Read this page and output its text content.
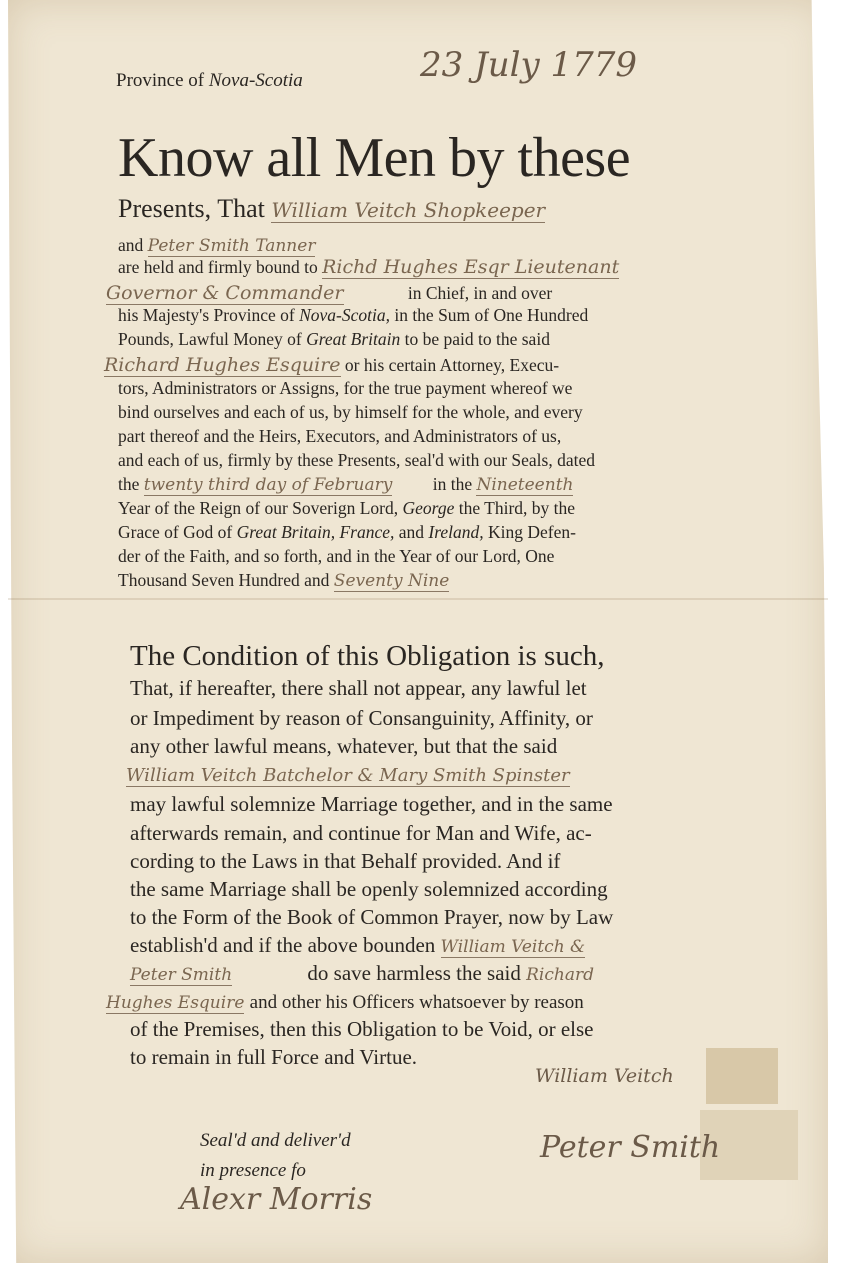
Province of Nova-Scotia	23 July 1779
Know all Men by these
Presents, That William Veitch Shopkeeper
and Peter Smith Tanner
are held and firmly bound to Richd Hughes Esqr Lieutenant
Governor & Commander	in Chief, in and over
his Majesty's Province of Nova-Scotia, in the Sum of One Hundred
Pounds, Lawful Money of Great Britain to be paid to the said
Richard Hughes Esquire or his certain Attorney, Execu-
tors, Administrators or Assigns, for the true payment whereof we
bind ourselves and each of us, by himself for the whole, and every
part thereof and the Heirs, Executors, and Administrators of us,
and each of us, firmly by these Presents, seal'd with our Seals, dated
the twenty third day of February in the Nineteenth
Year of the Reign of our Soverign Lord, George the Third, by the
Grace of God of Great Britain, France, and Ireland, King Defen-
der of the Faith, and so forth, and in the Year of our Lord, One
Thousand Seven Hundred and Seventy Nine
The Condition of this Obligation is such,
That, if hereafter, there shall not appear, any lawful let
or Impediment by reason of Consanguinity, Affinity, or
any other lawful means, whatever, but that the said
William Veitch Batchelor & Mary Smith Spinster
may lawful solemnize Marriage together, and in the same
afterwards remain, and continue for Man and Wife, ac-
cording to the Laws in that Behalf provided. And if
the same Marriage shall be openly solemnized according
to the Form of the Book of Common Prayer, now by Law
establish'd and if the above bounden William Veitch &
Peter Smith	do save harmless the said Richard
Hughes Esquire and other his Officers whatsoever by reason
of the Premises, then this Obligation to be Void, or else
to remain in full Force and Virtue.
Seal'd and deliver'd
in presence fo
Alexr Morris
William Veitch
Peter Smith
